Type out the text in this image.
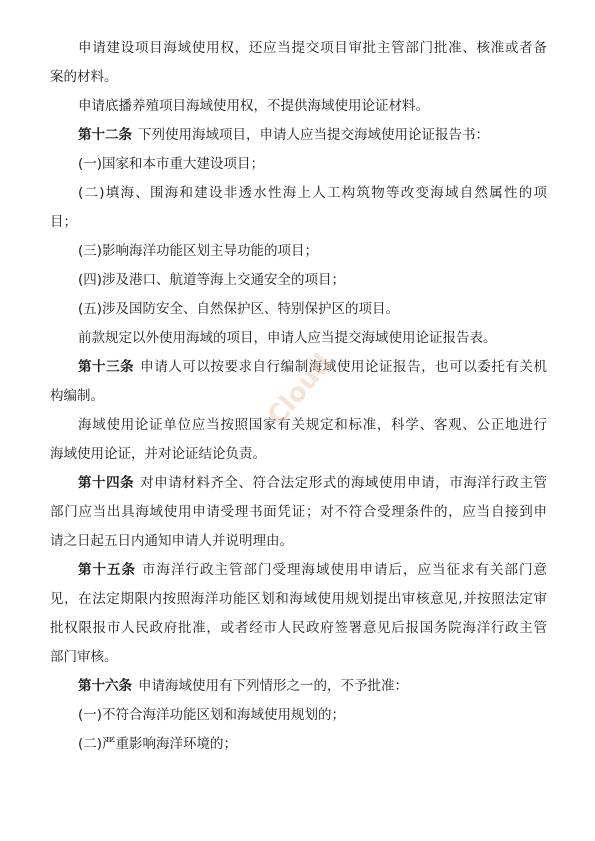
申请建设项目海域使用权，还应当提交项目审批主管部门批准、核准或者备
案的材料。
申请底播养殖项目海域使用权，不提供海域使用论证材料。
第十二条 下列使用海域项目，申请人应当提交海域使用论证报告书：
(一)国家和本市重大建设项目；
(二)填海、围海和建设非透水性海上人工构筑物等改变海域自然属性的项
目；
(三)影响海洋功能区划主导功能的项目；
(四)涉及港口、航道等海上交通安全的项目；
(五)涉及国防安全、自然保护区、特别保护区的项目。
前款规定以外使用海域的项目，申请人应当提交海域使用论证报告表。
第十三条 申请人可以按要求自行编制海域使用论证报告，也可以委托有关机
构编制。
海域使用论证单位应当按照国家有关规定和标准，科学、客观、公正地进行
海域使用论证，并对论证结论负责。
第十四条 对申请材料齐全、符合法定形式的海域使用申请，市海洋行政主管
部门应当出具海域使用申请受理书面凭证；对不符合受理条件的，应当自接到申
请之日起五日内通知申请人并说明理由。
第十五条 市海洋行政主管部门受理海域使用申请后，应当征求有关部门意
见，在法定期限内按照海洋功能区划和海域使用规划提出审核意见,并按照法定审
批权限报市人民政府批准，或者经市人民政府签署意见后报国务院海洋行政主管
部门审核。
第十六条 申请海域使用有下列情形之一的，不予批准：
(一)不符合海洋功能区划和海域使用规划的；
(二)严重影响海洋环境的；
Cloud
